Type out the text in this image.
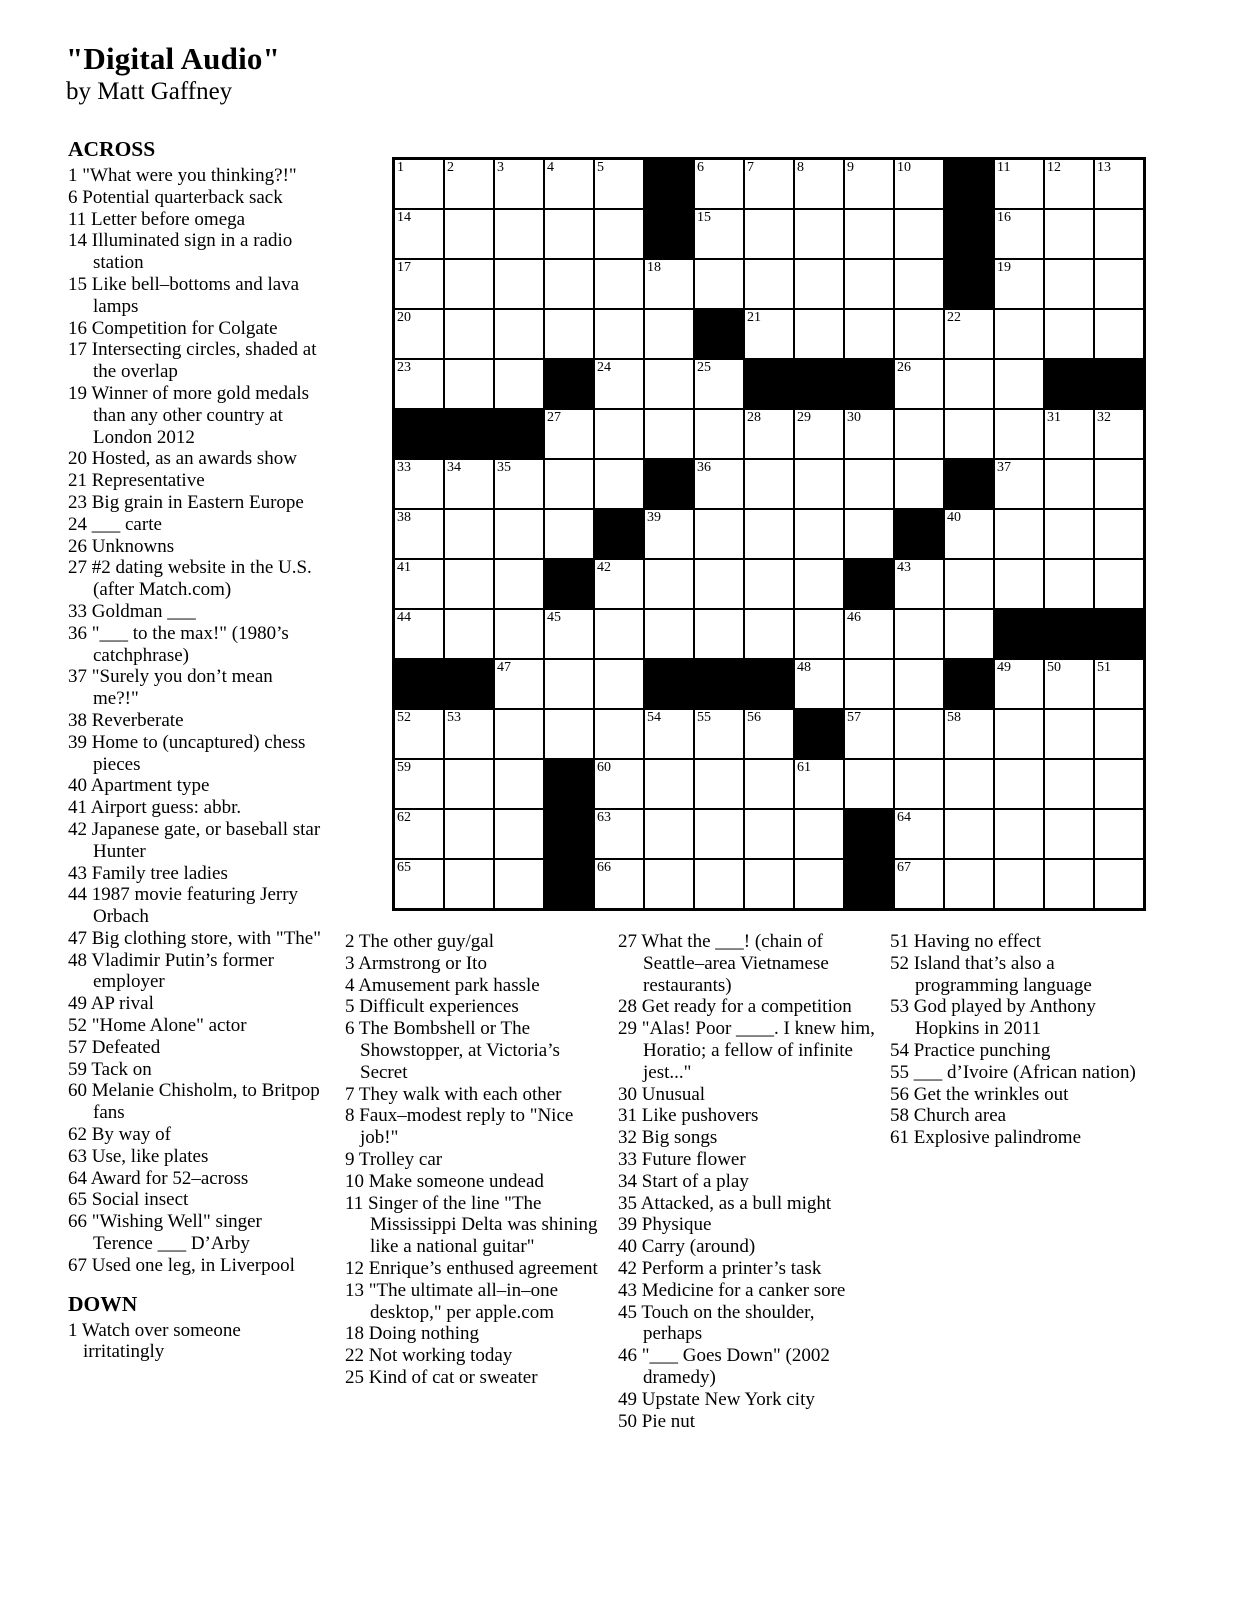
"Digital Audio"
by Matt Gaffney
ACROSS
1 "What were you thinking?!"
6 Potential quarterback sack
11 Letter before omega
14 Illuminated sign in a radio station
15 Like bell–bottoms and lava lamps
16 Competition for Colgate
17 Intersecting circles, shaded at the overlap
19 Winner of more gold medals than any other country at London 2012
20 Hosted, as an awards show
21 Representative
23 Big grain in Eastern Europe
24 ___ carte
26 Unknowns
27 #2 dating website in the U.S. (after Match.com)
33 Goldman ___
36 "___ to the max!" (1980’s catchphrase)
37 "Surely you don’t mean me?!"
38 Reverberate
39 Home to (uncaptured) chess pieces
40 Apartment type
41 Airport guess: abbr.
42 Japanese gate, or baseball star Hunter
43 Family tree ladies
44 1987 movie featuring Jerry Orbach
47 Big clothing store, with "The"
48 Vladimir Putin’s former employer
49 AP rival
52 "Home Alone" actor
57 Defeated
59 Tack on
60 Melanie Chisholm, to Britpop fans
62 By way of
63 Use, like plates
64 Award for 52–across
65 Social insect
66 "Wishing Well" singer Terence ___ D’Arby
67 Used one leg, in Liverpool
DOWN
1 Watch over someone irritatingly
1	2	3	4	5	6	7	8	9	10	11	12	13
14	15	16
17	18	19
20	21	22
23	24	25	26
27	28	29	30	31	32
33	34	35	36	37
38	39	40
41	42	43
44	45	46
47	48	49	50	51
52	53	54	55	56	57	58
59	60	61
62	63	64
65	66	67
2 The other guy/gal
3 Armstrong or Ito
4 Amusement park hassle
5 Difficult experiences
6 The Bombshell or The Showstopper, at Victoria’s Secret
7 They walk with each other
8 Faux–modest reply to "Nice job!"
9 Trolley car
10 Make someone undead
11 Singer of the line "The Mississippi Delta was shining like a national guitar"
12 Enrique’s enthused agreement
13 "The ultimate all–in–one desktop," per apple.com
18 Doing nothing
22 Not working today
25 Kind of cat or sweater
27 What the ___! (chain of Seattle–area Vietnamese restaurants)
28 Get ready for a competition
29 "Alas! Poor ____. I knew him, Horatio; a fellow of infinite jest..."
30 Unusual
31 Like pushovers
32 Big songs
33 Future flower
34 Start of a play
35 Attacked, as a bull might
39 Physique
40 Carry (around)
42 Perform a printer’s task
43 Medicine for a canker sore
45 Touch on the shoulder, perhaps
46 "___ Goes Down" (2002 dramedy)
49 Upstate New York city
50 Pie nut
51 Having no effect
52 Island that’s also a programming language
53 God played by Anthony Hopkins in 2011
54 Practice punching
55 ___ d’Ivoire (African nation)
56 Get the wrinkles out
58 Church area
61 Explosive palindrome
